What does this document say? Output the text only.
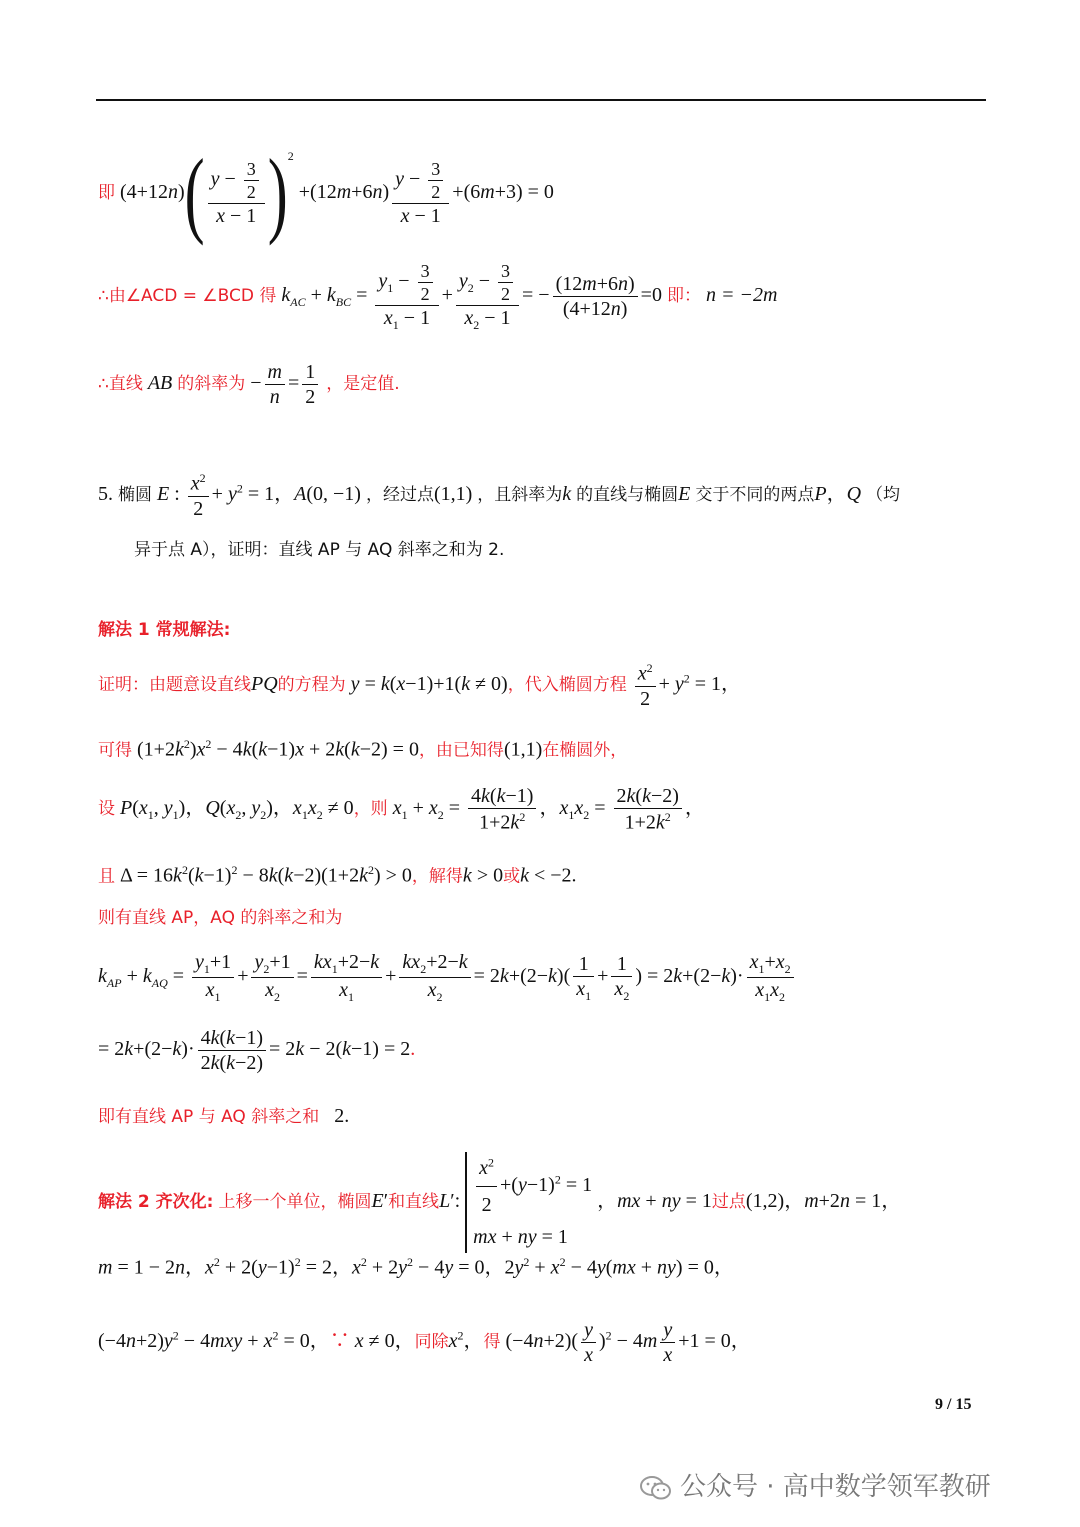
即 $(4+12n)( \frac{y - \frac{3}{2}}{x - 1} )^2 +(12m+6n) \frac{y - \frac{3}{2}}{x - 1} +(6m+3) = 0$
∴由∠ACD = ∠BCD 得 $k_{AC} + k_{BC} = \frac{y_1 - \frac{3}{2}}{x_1 - 1} + \frac{y_2 - \frac{3}{2}}{x_2 - 1}$ = − $\frac{(12m+6n)}{(4+12n)} =0$ 即： n = −2m
∴直线 AB 的斜率为 − $\frac{m}{n} = \frac{1}{2}$ ，是定值.
5. 椭圆 E : $\frac{x^2}{2} + y^2 = 1$，A(0, −1) ，经过点(1,1) ，且斜率为k 的直线与椭圆E 交于不同的两点P，Q （均
异于点 A），证明：直线 AP 与 AQ 斜率之和为 2.
解法 1 常规解法:
证明：由题意设直线PQ的方程为 y = k(x−1)+1(k ≠ 0)，代入椭圆方程 $\frac{x^2}{2} + y^2 = 1$，
可得 $(1+2k^2)x^2 - 4k(k-1)x + 2k(k-2) = 0$，由已知得(1,1)在椭圆外，
设 $P(x_1$, $y_1$)，$Q(x_2$, $y_2$)，$x_1x_2 \ne 0$，则 $x_1 + x_2 = \frac{4k(k-1)}{1+2k^2}$ ，$x_1x_2 = \frac{2k(k-2)}{1+2k^2}$ ，
且 $\Delta = 16k^2(k-1)^2 - 8k(k-2)(1+2k^2) > 0$，解得k > 0或k < −2.
则有直线 AP，AQ 的斜率之和为
$k_{AP} + k_{AQ} = \frac{y_1+1}{x_1} + \frac{y_2+1}{x_2} = \frac{kx_1+2-k}{x_1} + \frac{kx_2+2-k}{x_2} = 2k+(2-k)( \frac{1}{x_1} + \frac{1}{x_2}$ ) = $2k+(2-k)\cdot \frac{x_1+x_2}{x_1x_2}$
= $2k+(2-k)\cdot \frac{4k(k-1)}{2k(k-2)} = 2k - 2(k-1) = 2$.
即有直线 AP 与 AQ 斜率之和 2.
解法 2 齐次化: 上移一个单位，椭圆E′和直线L′: $\frac{x^2}{2} +(y-1)^2 = 1$
mx + ny = 1 ，mx + ny = 1过点(1,2)，m+2n = 1，
m = 1 − 2n，$x^2 + 2(y-1)^2 = 2$，$x^2 + 2y^2 - 4y = 0$，$2y^2 + x^2 - 4y(mx + ny) = 0$，
$(-4n+2)y^2 - 4mxy + x^2 = 0$，∵ x ≠ 0，同除$x^2$，得 $(-4n+2)( \frac{y}{x} )^2 - 4m \frac{y}{x} +1 = 0$，
9 / 15
公众号 · 高中数学领军教研
